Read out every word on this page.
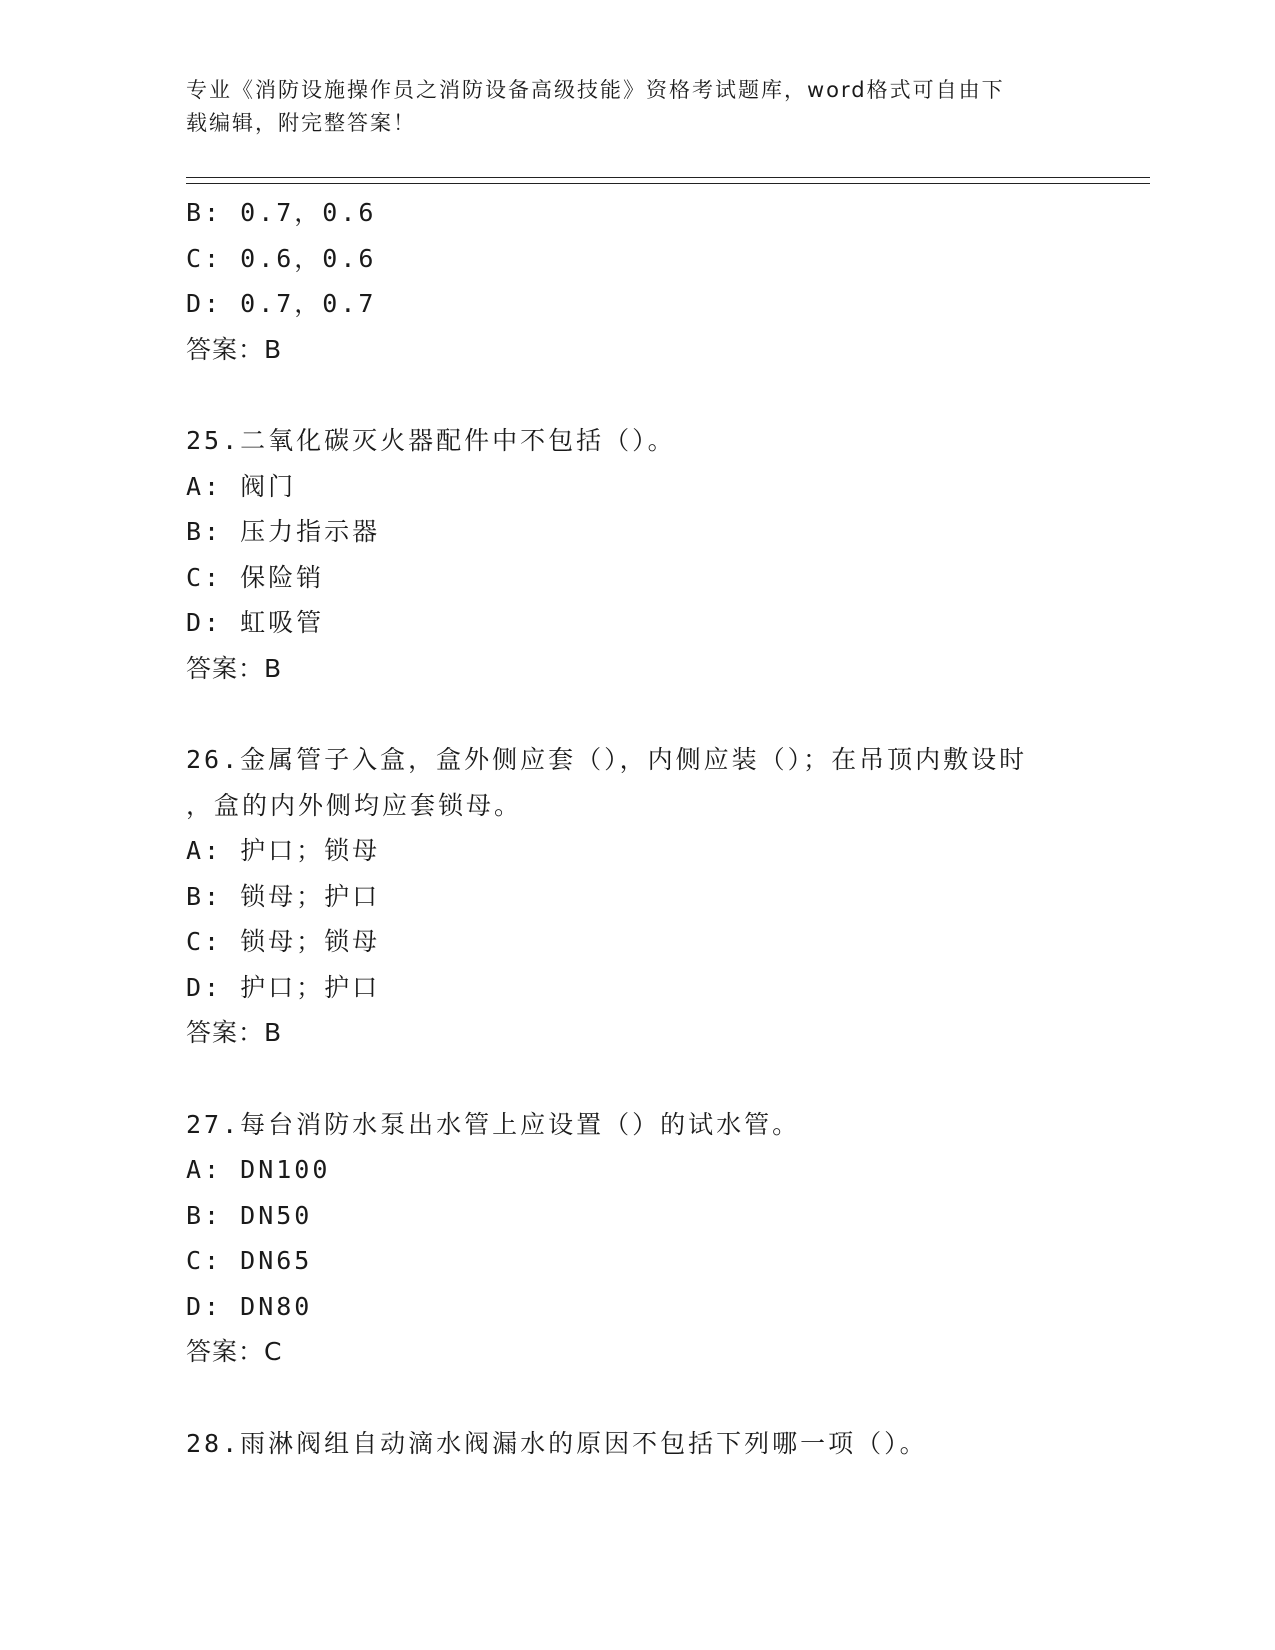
专业《消防设施操作员之消防设备高级技能》资格考试题库，word格式可自由下
载编辑，附完整答案！
B: 0.7，0.6
C: 0.6，0.6
D: 0.7，0.7
答案：B
25.二氧化碳灭火器配件中不包括（）。
A: 阀门
B: 压力指示器
C: 保险销
D: 虹吸管
答案：B
26.金属管子入盒，盒外侧应套（），内侧应装（）；在吊顶内敷设时
，盒的内外侧均应套锁母。
A: 护口；锁母
B: 锁母；护口
C: 锁母；锁母
D: 护口；护口
答案：B
27.每台消防水泵出水管上应设置（）的试水管。
A: DN100
B: DN50
C: DN65
D: DN80
答案：C
28.雨淋阀组自动滴水阀漏水的原因不包括下列哪一项（）。
